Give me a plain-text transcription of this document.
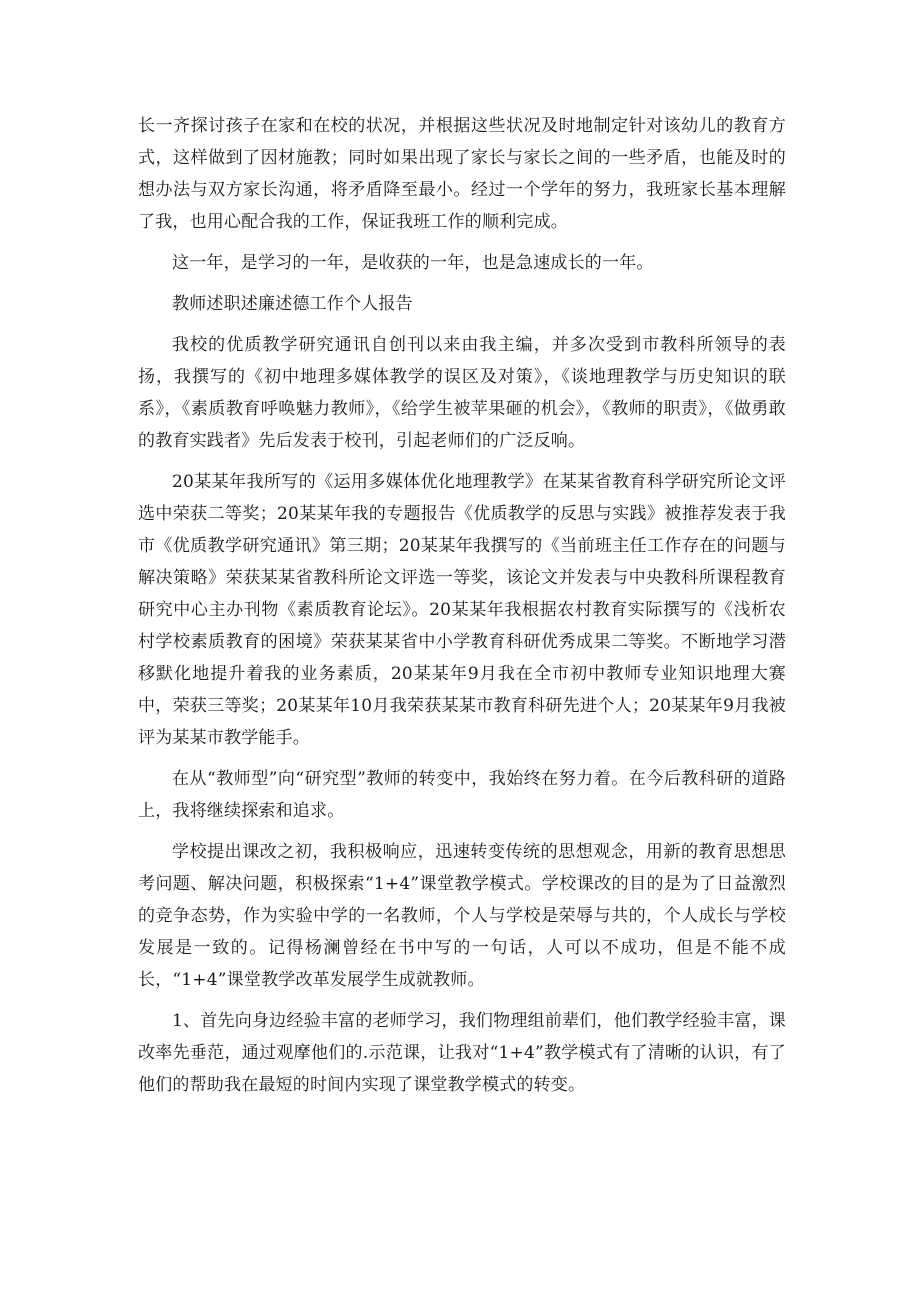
长一齐探讨孩子在家和在校的状况，并根据这些状况及时地制定针对该幼儿的教育方式，这样做到了因材施教；同时如果出现了家长与家长之间的一些矛盾，也能及时的想办法与双方家长沟通，将矛盾降至最小。经过一个学年的努力，我班家长基本理解了我，也用心配合我的工作，保证我班工作的顺利完成。

这一年，是学习的一年，是收获的一年，也是急速成长的一年。

教师述职述廉述德工作个人报告

我校的优质教学研究通讯自创刊以来由我主编，并多次受到市教科所领导的表扬，我撰写的《初中地理多媒体教学的误区及对策》，《谈地理教学与历史知识的联系》，《素质教育呼唤魅力教师》，《给学生被苹果砸的机会》，《教师的职责》，《做勇敢的教育实践者》先后发表于校刊，引起老师们的广泛反响。

20某某年我所写的《运用多媒体优化地理教学》在某某省教育科学研究所论文评选中荣获二等奖；20某某年我的专题报告《优质教学的反思与实践》被推荐发表于我市《优质教学研究通讯》第三期；20某某年我撰写的《当前班主任工作存在的问题与解决策略》荣获某某省教科所论文评选一等奖，该论文并发表与中央教科所课程教育研究中心主办刊物《素质教育论坛》。20某某年我根据农村教育实际撰写的《浅析农村学校素质教育的困境》荣获某某省中小学教育科研优秀成果二等奖。不断地学习潜移默化地提升着我的业务素质，20某某年9月我在全市初中教师专业知识地理大赛中，荣获三等奖；20某某年10月我荣获某某市教育科研先进个人；20某某年9月我被评为某某市教学能手。

在从“教师型”向“研究型”教师的转变中，我始终在努力着。在今后教科研的道路上，我将继续探索和追求。

学校提出课改之初，我积极响应，迅速转变传统的思想观念，用新的教育思想思考问题、解决问题，积极探索“1+4”课堂教学模式。学校课改的目的是为了日益激烈的竞争态势，作为实验中学的一名教师，个人与学校是荣辱与共的，个人成长与学校发展是一致的。记得杨澜曾经在书中写的一句话，人可以不成功，但是不能不成长，“1+4”课堂教学改革发展学生成就教师。

1、首先向身边经验丰富的老师学习，我们物理组前辈们，他们教学经验丰富，课改率先垂范，通过观摩他们的.示范课，让我对“1+4”教学模式有了清晰的认识，有了他们的帮助我在最短的时间内实现了课堂教学模式的转变。
